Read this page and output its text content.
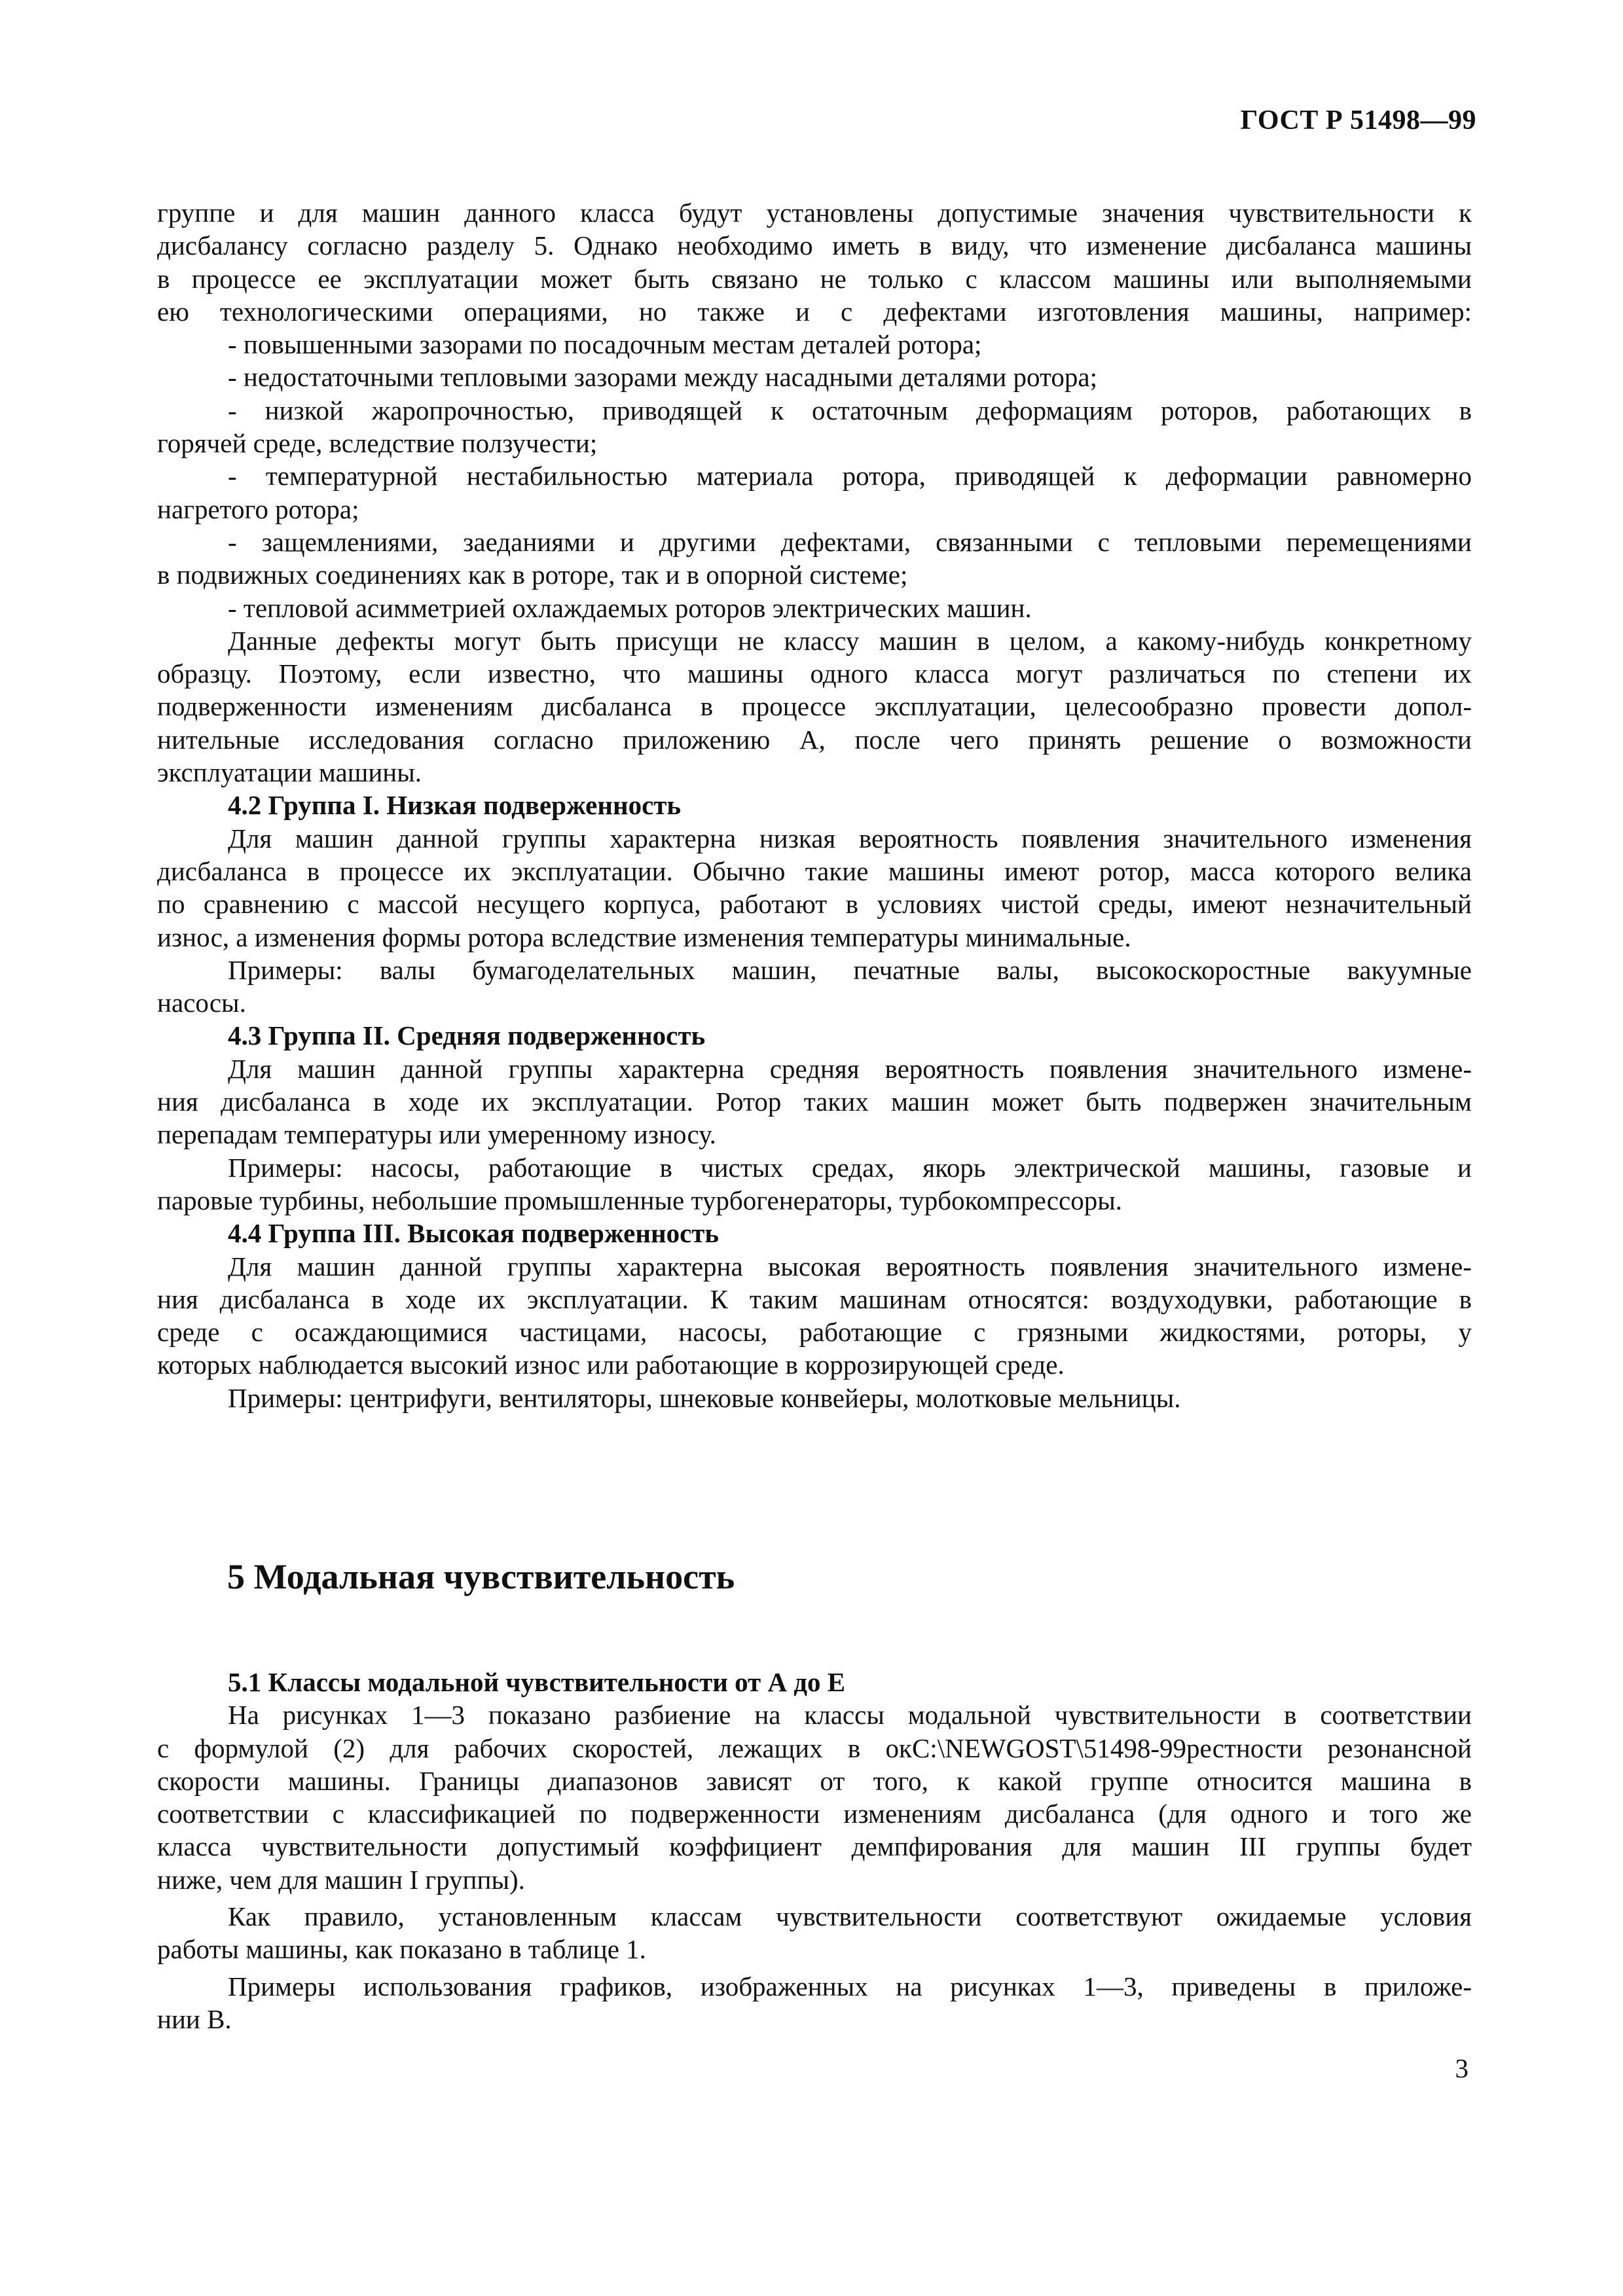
ГОСТ Р 51498—99
группе и для машин данного класса будут установлены допустимые значения чувствительности к
дисбалансу согласно разделу 5. Однако необходимо иметь в виду, что изменение дисбаланса машины
в процессе ее эксплуатации может быть связано не только с классом машины или выполняемыми
ею технологическими операциями, но также и с дефектами изготовления машины, например:
- повышенными зазорами по посадочным местам деталей ротора;
- недостаточными тепловыми зазорами между насадными деталями ротора;
- низкой жаропрочностью, приводящей к остаточным деформациям роторов, работающих в
горячей среде, вследствие ползучести;
- температурной нестабильностью материала ротора, приводящей к деформации равномерно
нагретого ротора;
- защемлениями, заеданиями и другими дефектами, связанными с тепловыми перемещениями
в подвижных соединениях как в роторе, так и в опорной системе;
- тепловой асимметрией охлаждаемых роторов электрических машин.
Данные дефекты могут быть присущи не классу машин в целом, а какому-нибудь конкретному
образцу. Поэтому, если известно, что машины одного класса могут различаться по степени их
подверженности изменениям дисбаланса в процессе эксплуатации, целесообразно провести допол-
нительные исследования согласно приложению А, после чего принять решение о возможности
эксплуатации машины.
4.2 Группа I. Низкая подверженность
Для машин данной группы характерна низкая вероятность появления значительного изменения
дисбаланса в процессе их эксплуатации. Обычно такие машины имеют ротор, масса которого велика
по сравнению с массой несущего корпуса, работают в условиях чистой среды, имеют незначительный
износ, а изменения формы ротора вследствие изменения температуры минимальные.
Примеры: валы бумагоделательных машин, печатные валы, высокоскоростные вакуумные
насосы.
4.3 Группа II. Средняя подверженность
Для машин данной группы характерна средняя вероятность появления значительного измене-
ния дисбаланса в ходе их эксплуатации. Ротор таких машин может быть подвержен значительным
перепадам температуры или умеренному износу.
Примеры: насосы, работающие в чистых средах, якорь электрической машины, газовые и
паровые турбины, небольшие промышленные турбогенераторы, турбокомпрессоры.
4.4 Группа III. Высокая подверженность
Для машин данной группы характерна высокая вероятность появления значительного измене-
ния дисбаланса в ходе их эксплуатации. К таким машинам относятся: воздуходувки, работающие в
среде с осаждающимися частицами, насосы, работающие с грязными жидкостями, роторы, у
которых наблюдается высокий износ или работающие в коррозирующей среде.
Примеры: центрифуги, вентиляторы, шнековые конвейеры, молотковые мельницы.
5 Модальная чувствительность
5.1 Классы модальной чувствительности от А до Е
На рисунках 1—3 показано разбиение на классы модальной чувствительности в соответствии
с формулой (2) для рабочих скоростей, лежащих в окC:\NEWGOST\51498-99рестности резонансной
скорости машины. Границы диапазонов зависят от того, к какой группе относится машина в
соответствии с классификацией по подверженности изменениям дисбаланса (для одного и того же
класса чувствительности допустимый коэффициент демпфирования для машин III группы будет
ниже, чем для машин I группы).
Как правило, установленным классам чувствительности соответствуют ожидаемые условия
работы машины, как показано в таблице 1.
Примеры использования графиков, изображенных на рисунках 1—3, приведены в приложе-
нии В.
3
